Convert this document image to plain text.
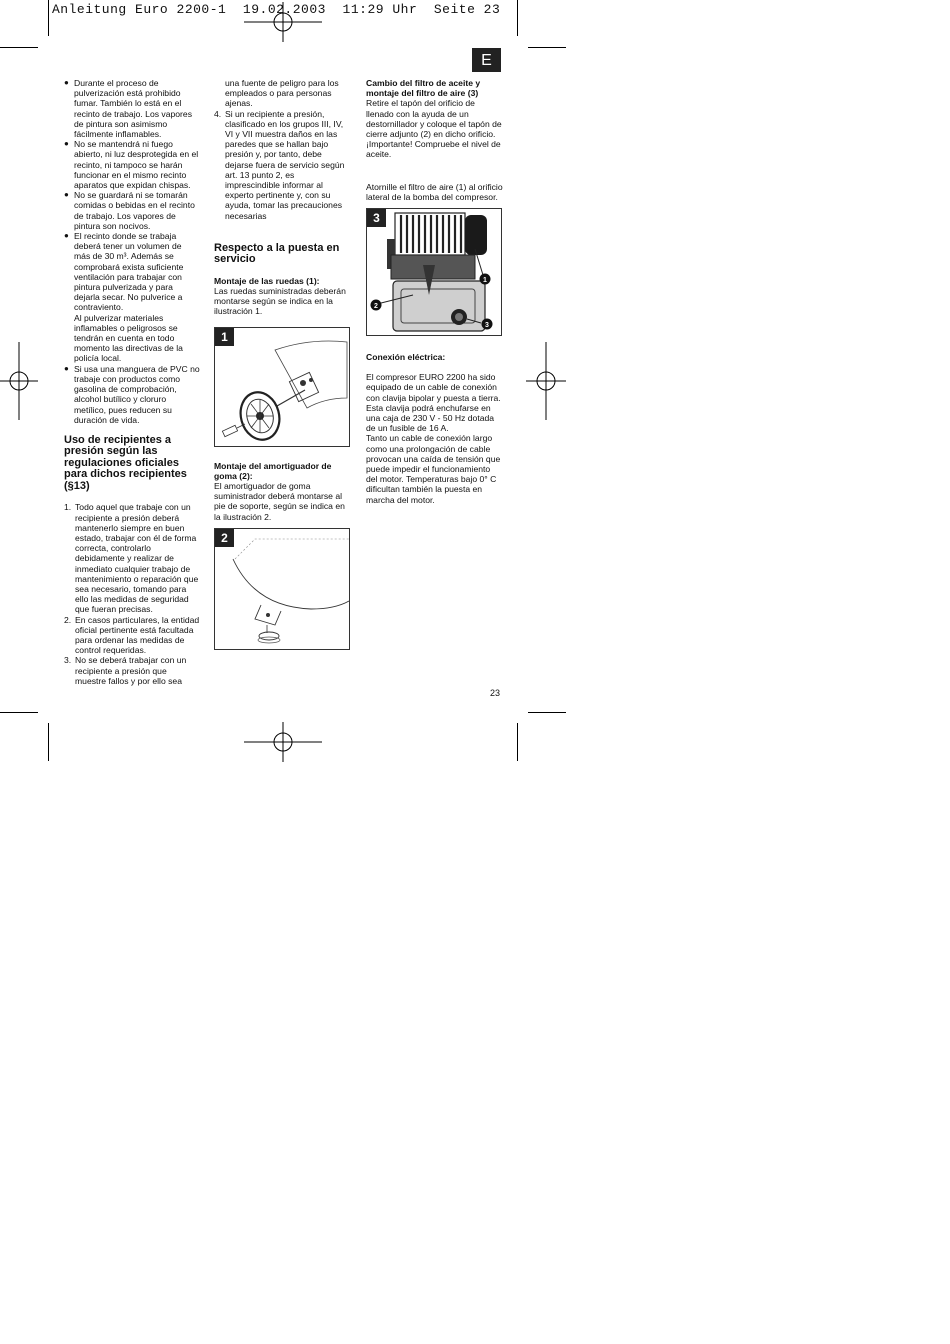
Anleitung Euro 2200-1  19.02.2003  11:29 Uhr  Seite 23
E

● Durante el proceso de pulverización está prohibido fumar. También lo está en el recinto de trabajo. Los vapores de pintura son asimismo fácilmente inflamables.

● No se mantendrá ni fuego abierto, ni luz desprotegida en el recinto, ni tampoco se harán funcionar en el mismo recinto aparatos que expidan chispas.

● No se guardará ni se tomarán comidas o bebidas en el recinto de trabajo. Los vapores de pintura son nocivos.

● El recinto donde se trabaja deberá tener un volumen de más de 30 m³. Además se comprobará exista suficiente ventilación para trabajar con pintura pulverizada y para dejarla secar. No pulverice a contraviento.

Al pulverizar materiales inflamables o peligrosos se tendrán en cuenta en todo momento las directivas de la policía local.

● Si usa una manguera de PVC no trabaje con productos como gasolina de comprobación, alcohol butílico y cloruro metílico, pues reducen su duración de vida.

Uso de recipientes a presión según las regulaciones oficiales para dichos recipientes (§13)

1. Todo aquel que trabaje con un recipiente a presión deberá mantenerlo siempre en buen estado, trabajar con él de forma correcta, controlarlo debidamente y realizar de inmediato cualquier trabajo de mantenimiento o reparación que sea necesario, tomando para ello las medidas de seguridad que fueran precisas.

2. En casos particulares, la entidad oficial pertinente está facultada para ordenar las medidas de control requeridas.

3. No se deberá trabajar con un recipiente a presión que muestre fallos y por ello sea

una fuente de peligro para los empleados o para personas ajenas.

4. Si un recipiente a presión, clasificado en los grupos III, IV, VI y VII muestra daños en las paredes que se hallan bajo presión y, por tanto, debe dejarse fuera de servicio según art. 13 punto 2, es imprescindible informar al experto pertinente y, con su ayuda, tomar las precauciones necesarias

Respecto a la puesta en servicio

Montaje de las ruedas (1):

Las ruedas suministradas deberán montarse según se indica en la ilustración 1.

1

Montaje del amortiguador de goma (2):

El amortiguador de goma suministrador deberá montarse al pie de soporte, según se indica en la ilustración 2.

2

Cambio del filtro de aceite y montaje del filtro de aire (3)

Retire el tapón del orificio de llenado con la ayuda de un destornillador y coloque el tapón de cierre adjunto (2) en dicho orificio.

¡Importante! Compruebe el nivel de aceite.

Atornille el filtro de aire (1) al orificio lateral de la bomba del compresor.

3
1
2
3

Conexión eléctrica:

El compresor EURO 2200 ha sido equipado de un cable de conexión con clavija bipolar y puesta a tierra. Esta clavija podrá enchufarse en una caja de 230 V - 50 Hz dotada de un fusible de 16 A.

Tanto un cable de conexión largo como una prolongación de cable provocan una caída de tensión que puede impedir el funcionamiento del motor. Temperaturas bajo 0° C dificultan también la puesta en marcha del motor.

23
